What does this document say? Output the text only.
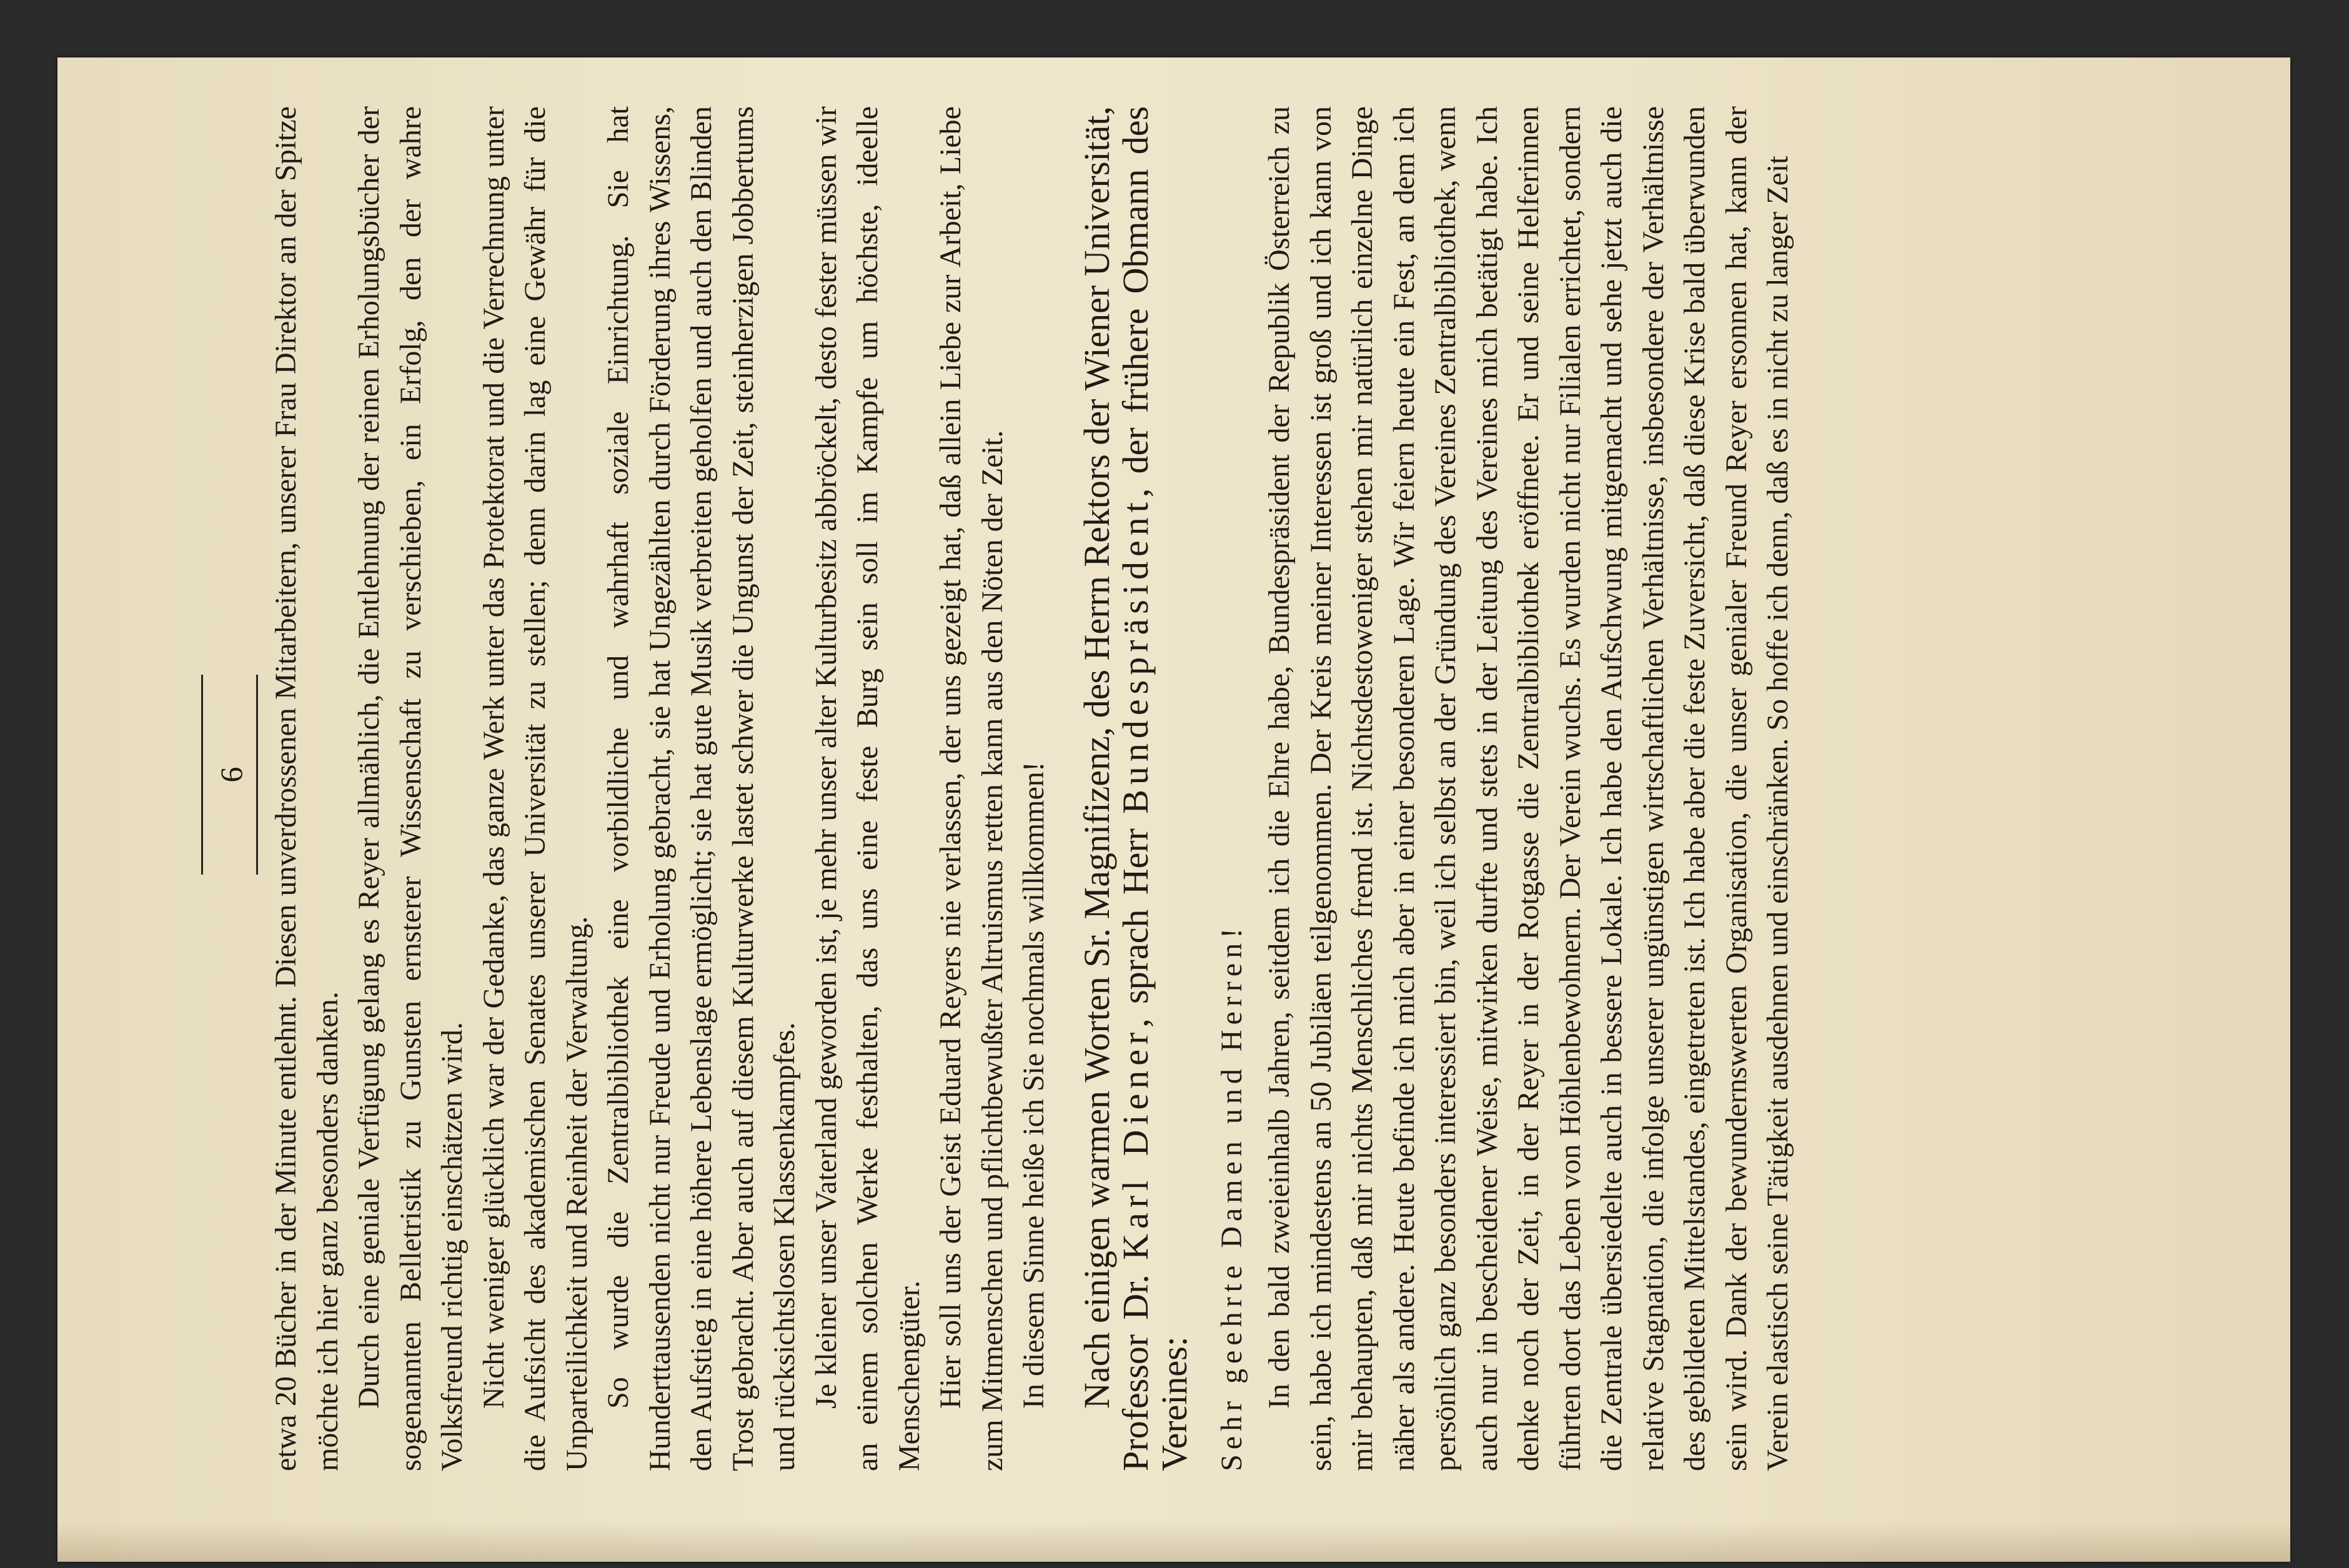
6 etwa 20 Bücher in der Minute entlehnt. Diesen unverdrossenen Mitarbeitern, unserer Frau Direktor an der Spitze möchte ich hier ganz besonders danken. Durch eine geniale Verfügung gelang es Reyer allmählich, die Entlehnung der reinen Erholungsbücher der sogenannten Belletristik zu Gunsten ernsterer Wissenschaft zu verschieben, ein Erfolg, den der wahre Volksfreund richtig einschätzen wird. Nicht weniger glücklich war der Gedanke, das ganze Werk unter das Protektorat und die Verrechnung unter die Aufsicht des akademischen Senates unserer Universität zu stellen; denn darin lag eine Gewähr für die Unparteilichkeit und Reinheit der Verwaltung. So wurde die Zentralbibliothek eine vorbildliche und wahrhaft soziale Einrichtung. Sie hat Hunderttausenden nicht nur Freude und Erholung gebracht, sie hat Ungezählten durch Förderung ihres Wissens, den Aufstieg in eine höhere Lebenslage ermöglicht; sie hat gute Musik verbreiten geholfen und auch den Blinden Trost gebracht. Aber auch auf diesem Kulturwerke lastet schwer die Ungunst der Zeit, steinherzigen Jobbertums und rücksichtslosen Klassenkampfes. Je kleiner unser Vaterland geworden ist, je mehr unser alter Kulturbesitz abbröckelt, desto fester müssen wir an einem solchen Werke festhalten, das uns eine feste Burg sein soll im Kampfe um höchste, ideelle Menschengüter. Hier soll uns der Geist Eduard Reyers nie verlassen, der uns gezeigt hat, daß allein Liebe zur Arbeit, Liebe zum Mitmenschen und pflichtbewußter Altruismus retten kann aus den Nöten der Zeit. In diesem Sinne heiße ich Sie nochmals willkommen! Nach einigen warmen Worten Sr. Magnifizenz, des Herrn Rektors der Wiener Universität, Professor Dr. Karl Diener, sprach Herr Bundespräsident, der frühere Obmann des Vereines: Sehr geehrte Damen und Herren! In den bald zweieinhalb Jahren, seitdem ich die Ehre habe, Bundespräsident der Republik Österreich zu sein, habe ich mindestens an 50 Jubiläen teilgenommen. Der Kreis meiner Interessen ist groß und ich kann von mir behaupten, daß mir nichts Menschliches fremd ist. Nichtsdestoweniger stehen mir natürlich einzelne Dinge näher als andere. Heute befinde ich mich aber in einer besonderen Lage. Wir feiern heute ein Fest, an dem ich persönlich ganz besonders interessiert bin, weil ich selbst an der Gründung des Vereines Zentralbibliothek, wenn auch nur in bescheidener Weise, mitwirken durfte und stets in der Leitung des Vereines mich betätigt habe. Ich denke noch der Zeit, in der Reyer in der Rotgasse die Zentralbibliothek eröffnete. Er und seine Helferinnen führten dort das Leben von Höhlenbewohnern. Der Verein wuchs. Es wurden nicht nur Filialen errichtet, sondern die Zentrale übersiedelte auch in bessere Lokale. Ich habe den Aufschwung mitgemacht und sehe jetzt auch die relative Stagnation, die infolge unserer ungünstigen wirtschaftlichen Verhältnisse, insbesondere der Verhältnisse des gebildeten Mittelstandes, eingetreten ist. Ich habe aber die feste Zuversicht, daß diese Krise bald überwunden sein wird. Dank der bewundernswerten Organisation, die unser genialer Freund Reyer ersonnen hat, kann der Verein elastisch seine Tätigkeit ausdehnen und einschränken. So hoffe ich denn, daß es in nicht zu langer Zeit
